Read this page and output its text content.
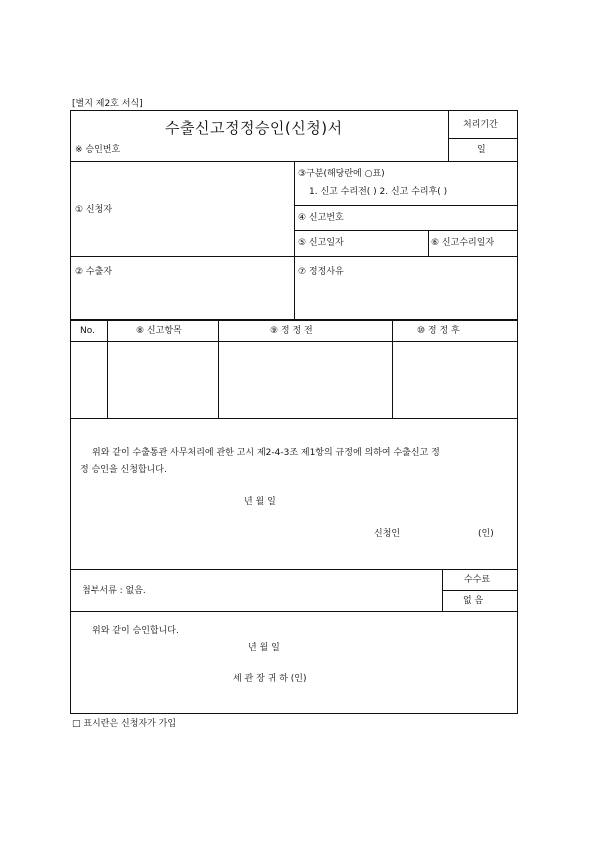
[별지 제2호 서식]
수출신고정정승인(신청)서	처리기간
일
※ 승인번호
① 신청자
③구분(해당란에 ○표)
1. 신고 수리전( ) 2. 신고 수리후( )
④ 신고번호
⑤ 신고일자	⑥ 신고수리일자
② 수출자	⑦ 정정사유
No.	⑧ 신고항목	⑨ 정 정 전	⑩ 정 정 후
위와 같이 수출통관 사무처리에 관한 고시 제2-4-3조 제1항의 규정에 의하여 수출신고 정
정 승인을 신청합니다.
년 월 일
신청인	(인)
첨부서류 : 없음.
수수료
없 음
위와 같이 승인합니다.
년 월 일
세 관 장 귀 하 (인)
□ 표시란은 신청자가 가입
